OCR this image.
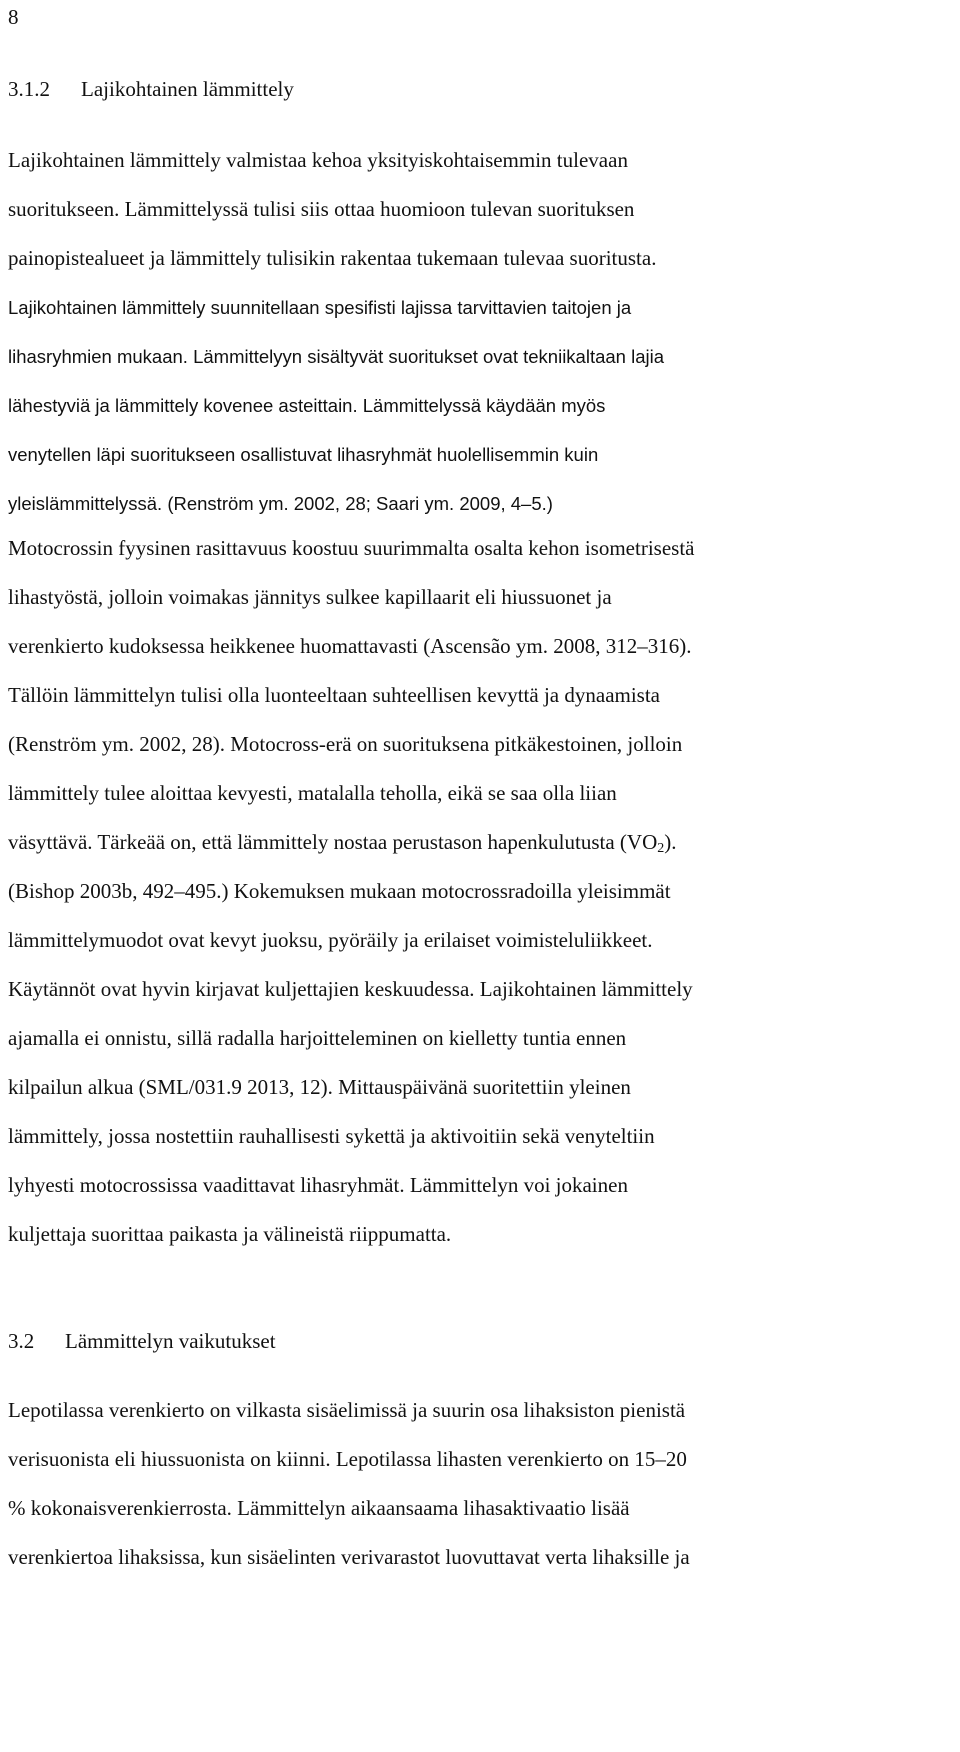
8
3.1.2 Lajikohtainen lämmittely
Lajikohtainen lämmittely valmistaa kehoa yksityiskohtaisemmin tulevaan
suoritukseen. Lämmittelyssä tulisi siis ottaa huomioon tulevan suorituksen
painopistealueet ja lämmittely tulisikin rakentaa tukemaan tulevaa suoritusta.
Lajikohtainen lämmittely suunnitellaan spesifisti lajissa tarvittavien taitojen ja
lihasryhmien mukaan. Lämmittelyyn sisältyvät suoritukset ovat tekniikaltaan lajia
lähestyviä ja lämmittely kovenee asteittain. Lämmittelyssä käydään myös
venytellen läpi suoritukseen osallistuvat lihasryhmät huolellisemmin kuin
yleislämmittelyssä. (Renström ym. 2002, 28; Saari ym. 2009, 4–5.)
Motocrossin fyysinen rasittavuus koostuu suurimmalta osalta kehon isometrisestä
lihastyöstä, jolloin voimakas jännitys sulkee kapillaarit eli hiussuonet ja
verenkierto kudoksessa heikkenee huomattavasti (Ascensão ym. 2008, 312–316).
Tällöin lämmittelyn tulisi olla luonteeltaan suhteellisen kevyttä ja dynaamista
(Renström ym. 2002, 28). Motocross-erä on suorituksena pitkäkestoinen, jolloin
lämmittely tulee aloittaa kevyesti, matalalla teholla, eikä se saa olla liian
väsyttävä. Tärkeää on, että lämmittely nostaa perustason hapenkulutusta $(VO_2)$.
(Bishop 2003b, 492–495.) Kokemuksen mukaan motocrossradoilla yleisimmät
lämmittelymuodot ovat kevyt juoksu, pyöräily ja erilaiset voimisteluliikkeet.
Käytännöt ovat hyvin kirjavat kuljettajien keskuudessa. Lajikohtainen lämmittely
ajamalla ei onnistu, sillä radalla harjoitteleminen on kielletty tuntia ennen
kilpailun alkua (SML/031.9 2013, 12). Mittauspäivänä suoritettiin yleinen
lämmittely, jossa nostettiin rauhallisesti sykettä ja aktivoitiin sekä venyteltiin
lyhyesti motocrossissa vaadittavat lihasryhmät. Lämmittelyn voi jokainen
kuljettaja suorittaa paikasta ja välineistä riippumatta.
3.2 Lämmittelyn vaikutukset
Lepotilassa verenkierto on vilkasta sisäelimissä ja suurin osa lihaksiston pienistä
verisuonista eli hiussuonista on kiinni. Lepotilassa lihasten verenkierto on 15–20
% kokonaisverenkierrosta. Lämmittelyn aikaansaama lihasaktivaatio lisää
verenkiertoa lihaksissa, kun sisäelinten verivarastot luovuttavat verta lihaksille ja
